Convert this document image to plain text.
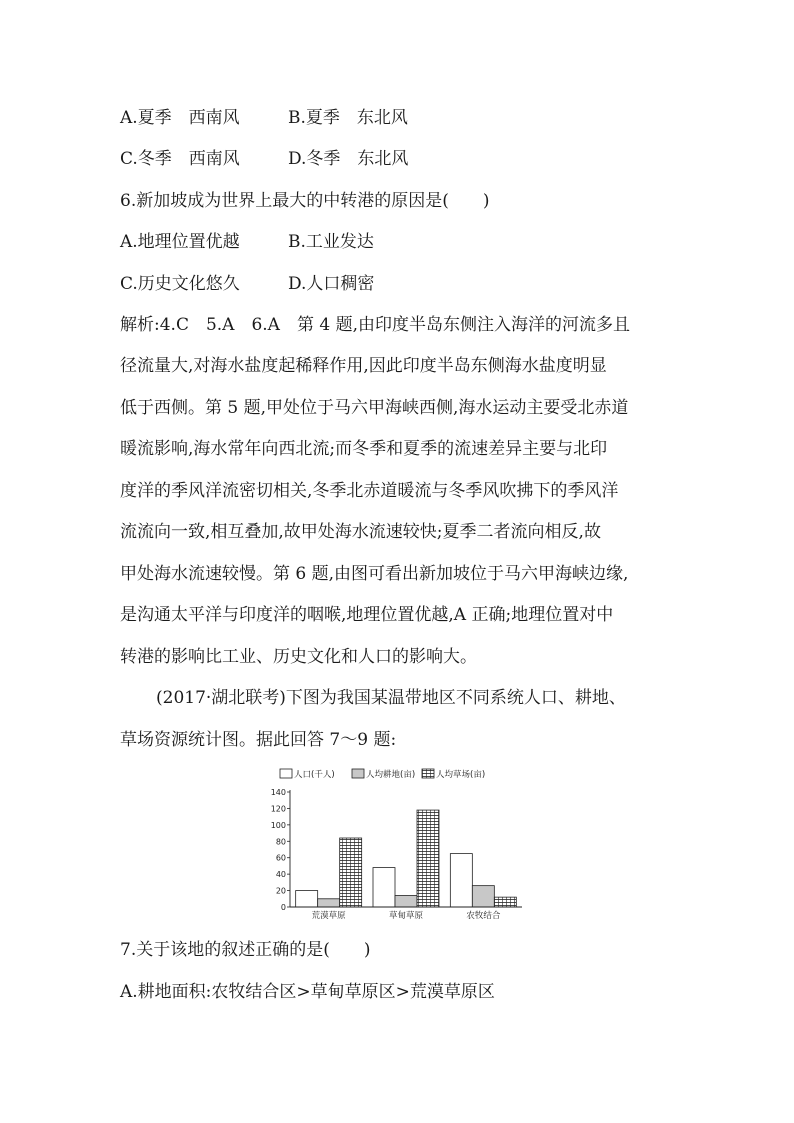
A.夏季　西南风	B.夏季　东北风
C.冬季　西南风	D.冬季　东北风
6.新加坡成为世界上最大的中转港的原因是(　　)
A.地理位置优越	B.工业发达
C.历史文化悠久	D.人口稠密
解析:4.C　5.A　6.A　第 4 题,由印度半岛东侧注入海洋的河流多且
径流量大,对海水盐度起稀释作用,因此印度半岛东侧海水盐度明显
低于西侧。第 5 题,甲处位于马六甲海峡西侧,海水运动主要受北赤道
暖流影响,海水常年向西北流;而冬季和夏季的流速差异主要与北印
度洋的季风洋流密切相关,冬季北赤道暖流与冬季风吹拂下的季风洋
流流向一致,相互叠加,故甲处海水流速较快;夏季二者流向相反,故
甲处海水流速较慢。第 6 题,由图可看出新加坡位于马六甲海峡边缘,
是沟通太平洋与印度洋的咽喉,地理位置优越,A 正确;地理位置对中
转港的影响比工业、历史文化和人口的影响大。
(2017·湖北联考)下图为我国某温带地区不同系统人口、耕地、
草场资源统计图。据此回答 7～9 题:
人口(千人)	人均耕地(亩) 人均草场(亩)
0
20
40
60
80
100
120
140
荒漠草原	草甸草原	农牧结合
7.关于该地的叙述正确的是(　　)
A.耕地面积:农牧结合区>草甸草原区>荒漠草原区
